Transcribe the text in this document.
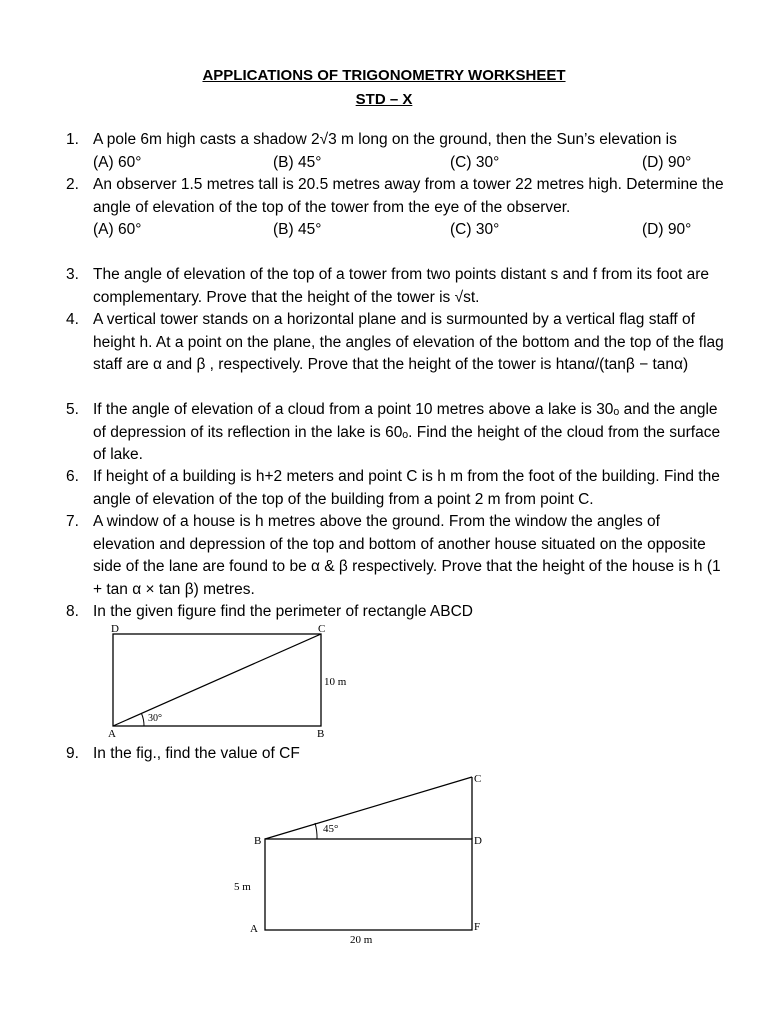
APPLICATIONS OF TRIGONOMETRY WORKSHEET
STD – X
1. A pole 6m high casts a shadow 2√3 m long on the ground, then the Sun’s elevation is
(A) 60°	(B) 45°	(C) 30°	(D) 90°
2. An observer 1.5 metres tall is 20.5 metres away from a tower 22 metres high. Determine the angle of elevation of the top of the tower from the eye of the observer.
(A) 60°	(B) 45°	(C) 30°	(D) 90°
3. The angle of elevation of the top of a tower from two points distant s and f from its foot are complementary. Prove that the height of the tower is √st.
4. A vertical tower stands on a horizontal plane and is surmounted by a vertical flag staff of height h. At a point on the plane, the angles of elevation of the bottom and the top of the flag staff are α and β , respectively. Prove that the height of the tower is htanα/(tanβ − tanα)
5. If the angle of elevation of a cloud from a point 10 metres above a lake is 30ₒ and the angle of depression of its reflection in the lake is 60ₒ. Find the height of the cloud from the surface of lake.
6. If height of a building is h+2 meters and point C is h m from the foot of the building. Find the angle of elevation of the top of the building from a point 2 m from point C.
7. A window of a house is h metres above the ground. From the window the angles of elevation and depression of the top and bottom of another house situated on the opposite side of the lane are found to be α & β respectively. Prove that the height of the house is h (1 + tan α × tan β) metres.
8. In the given figure find the perimeter of rectangle ABCD
D	C
A	B
10 m
30°
9. In the fig., find the value of CF
C
B	D
A	F
5 m
20 m
45°
